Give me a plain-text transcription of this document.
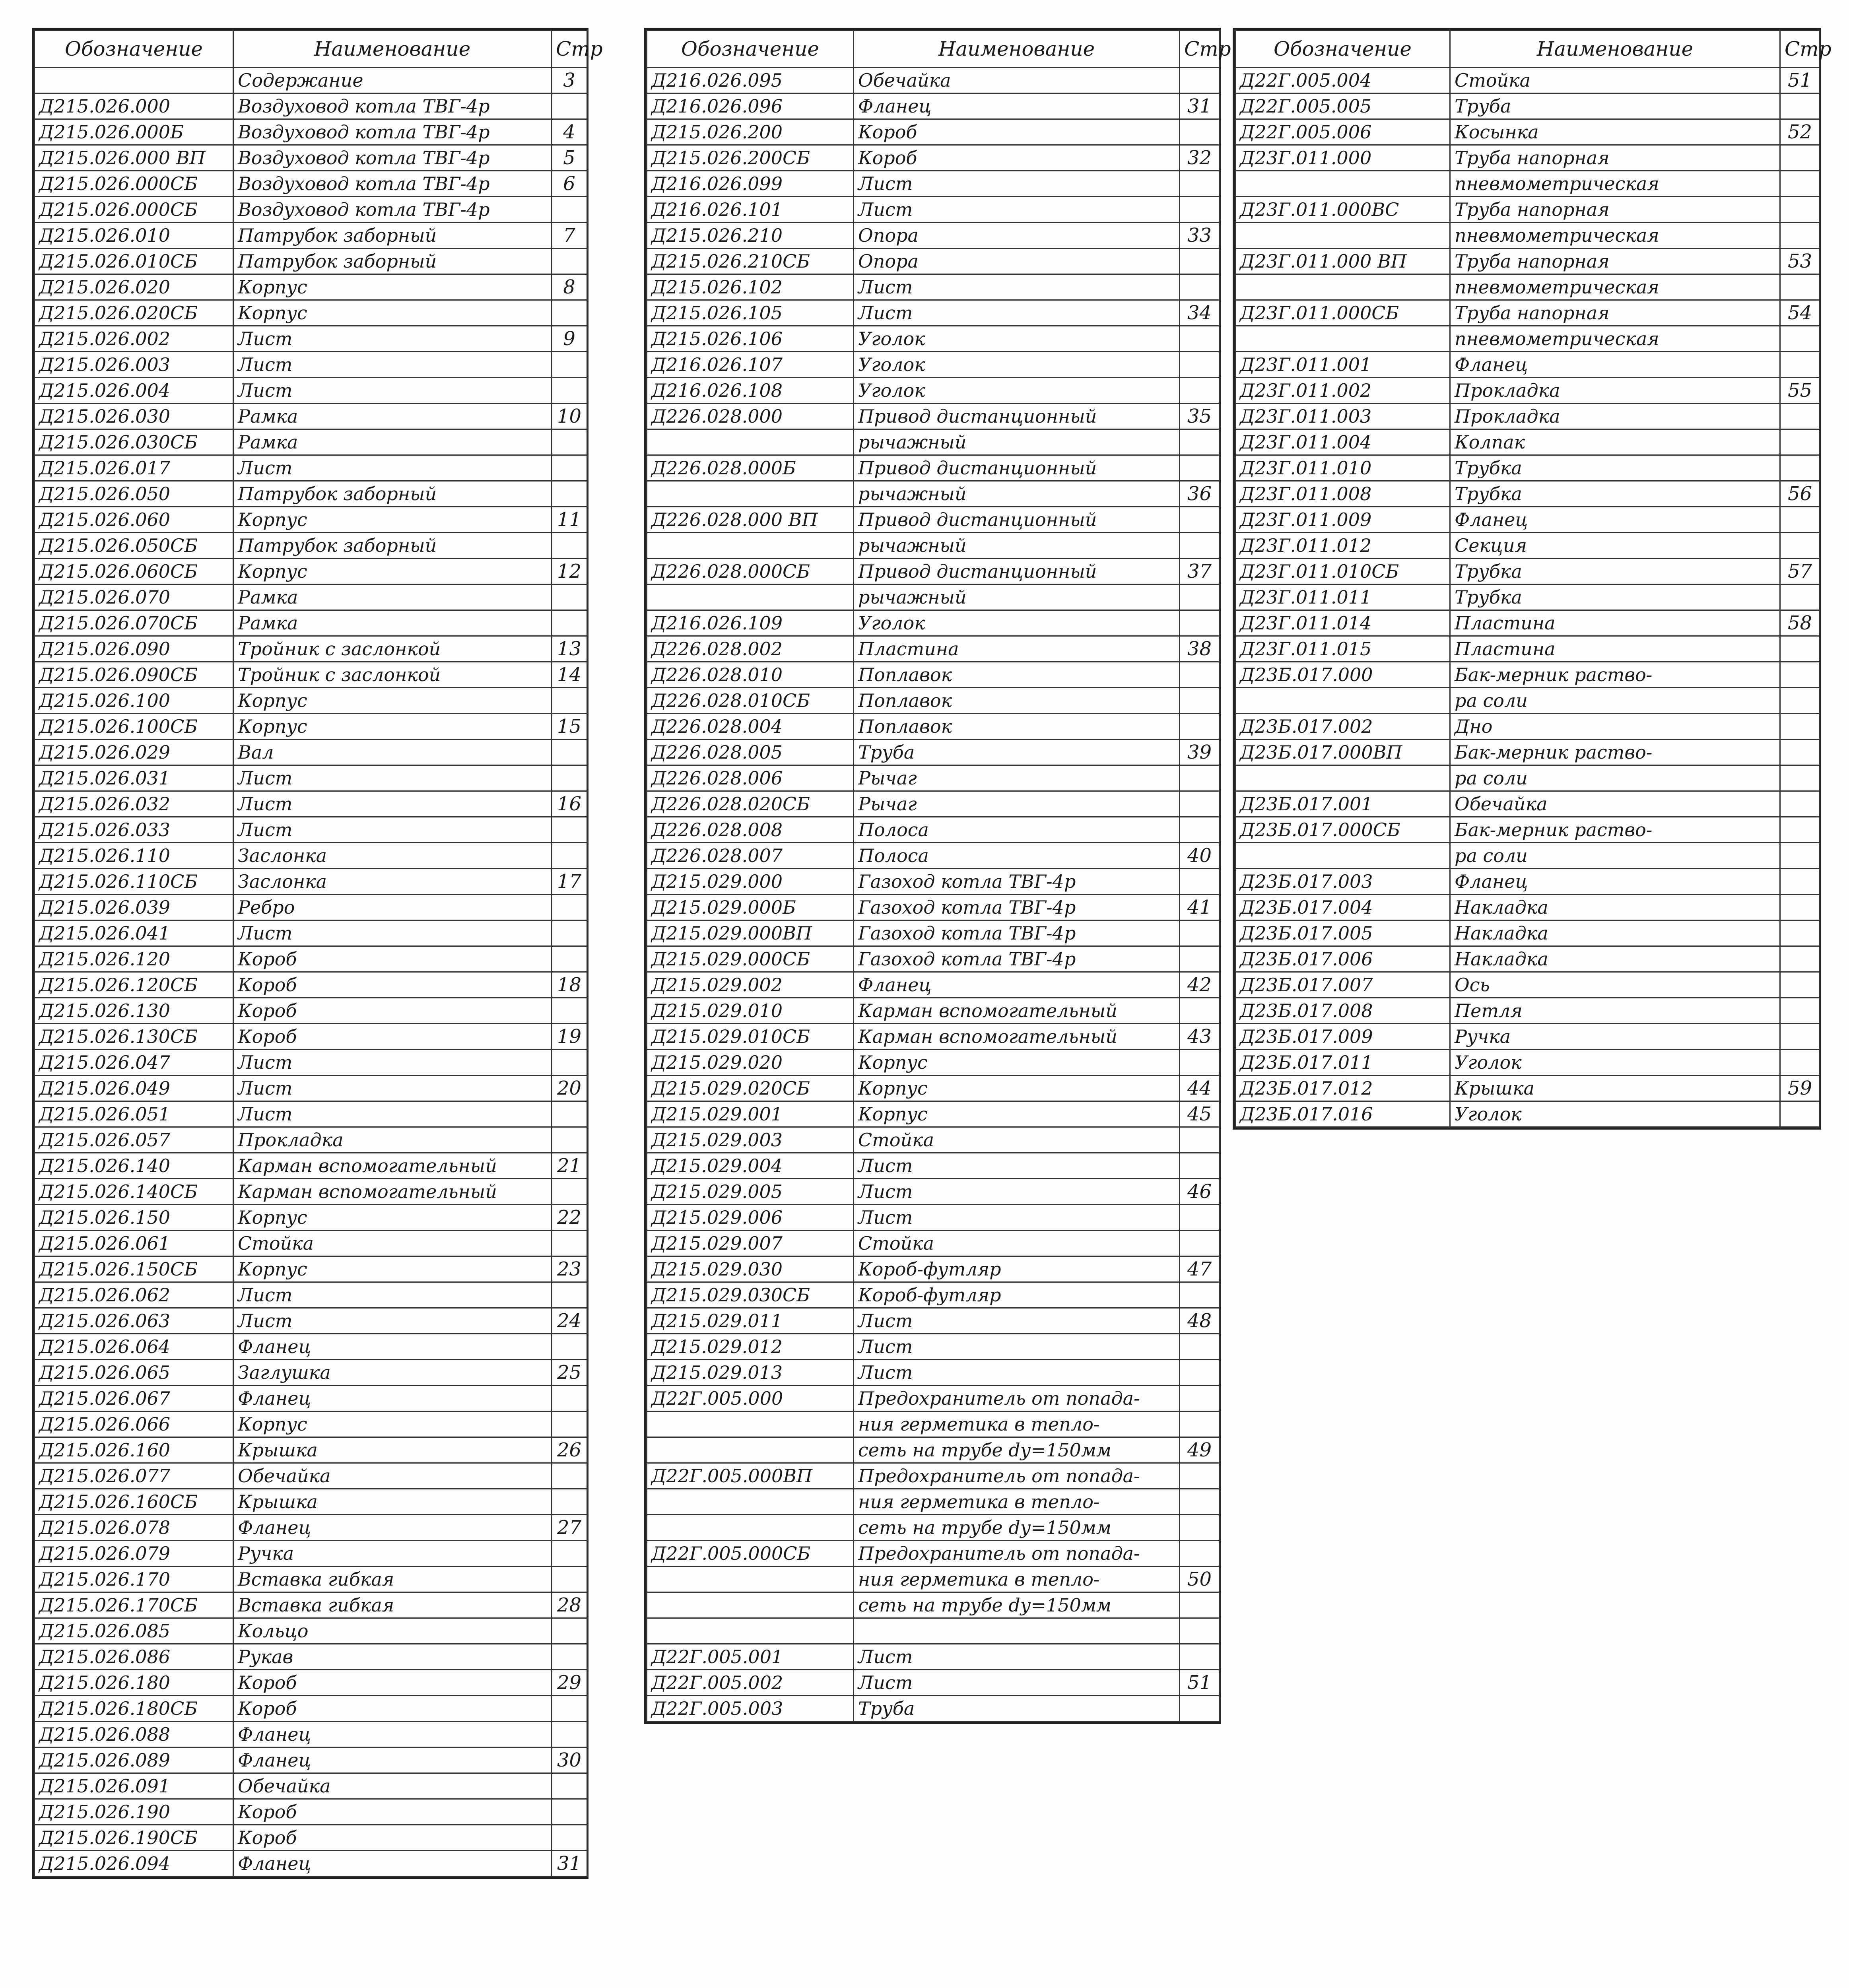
Обозначение	Наименование	Стр
	Содержание	3
Д215.026.000	Воздуховод котла ТВГ-4р	
Д215.026.000Б	Воздуховод котла ТВГ-4р	4
Д215.026.000 ВП	Воздуховод котла ТВГ-4р	5
Д215.026.000СБ	Воздуховод котла ТВГ-4р	6
Д215.026.000СБ	Воздуховод котла ТВГ-4р	
Д215.026.010	Патрубок заборный	7
Д215.026.010СБ	Патрубок заборный	
Д215.026.020	Корпус	8
Д215.026.020СБ	Корпус	
Д215.026.002	Лист	9
Д215.026.003	Лист	
Д215.026.004	Лист	
Д215.026.030	Рамка	10
Д215.026.030СБ	Рамка	
Д215.026.017	Лист	
Д215.026.050	Патрубок заборный	
Д215.026.060	Корпус	11
Д215.026.050СБ	Патрубок заборный	
Д215.026.060СБ	Корпус	12
Д215.026.070	Рамка	
Д215.026.070СБ	Рамка	
Д215.026.090	Тройник с заслонкой	13
Д215.026.090СБ	Тройник с заслонкой	14
Д215.026.100	Корпус	
Д215.026.100СБ	Корпус	15
Д215.026.029	Вал	
Д215.026.031	Лист	
Д215.026.032	Лист	16
Д215.026.033	Лист	
Д215.026.110	Заслонка	
Д215.026.110СБ	Заслонка	17
Д215.026.039	Ребро	
Д215.026.041	Лист	
Д215.026.120	Короб	
Д215.026.120СБ	Короб	18
Д215.026.130	Короб	
Д215.026.130СБ	Короб	19
Д215.026.047	Лист	
Д215.026.049	Лист	20
Д215.026.051	Лист	
Д215.026.057	Прокладка	
Д215.026.140	Карман вспомогательный	21
Д215.026.140СБ	Карман вспомогательный	
Д215.026.150	Корпус	22
Д215.026.061	Стойка	
Д215.026.150СБ	Корпус	23
Д215.026.062	Лист	
Д215.026.063	Лист	24
Д215.026.064	Фланец	
Д215.026.065	Заглушка	25
Д215.026.067	Фланец	
Д215.026.066	Корпус	
Д215.026.160	Крышка	26
Д215.026.077	Обечайка	
Д215.026.160СБ	Крышка	
Д215.026.078	Фланец	27
Д215.026.079	Ручка	
Д215.026.170	Вставка гибкая	
Д215.026.170СБ	Вставка гибкая	28
Д215.026.085	Кольцо	
Д215.026.086	Рукав	
Д215.026.180	Короб	29
Д215.026.180СБ	Короб	
Д215.026.088	Фланец	
Д215.026.089	Фланец	30
Д215.026.091	Обечайка	
Д215.026.190	Короб	
Д215.026.190СБ	Короб	
Д215.026.094	Фланец	31
Обозначение	Наименование	Стр
Д216.026.095	Обечайка	
Д216.026.096	Фланец	31
Д215.026.200	Короб	
Д215.026.200СБ	Короб	32
Д216.026.099	Лист	
Д216.026.101	Лист	
Д215.026.210	Опора	33
Д215.026.210СБ	Опора	
Д215.026.102	Лист	
Д215.026.105	Лист	34
Д215.026.106	Уголок	
Д216.026.107	Уголок	
Д216.026.108	Уголок	
Д226.028.000	Привод дистанционный	35
	рычажный	
Д226.028.000Б	Привод дистанционный	
	рычажный	36
Д226.028.000 ВП	Привод дистанционный	
	рычажный	
Д226.028.000СБ	Привод дистанционный	37
	рычажный	
Д216.026.109	Уголок	
Д226.028.002	Пластина	38
Д226.028.010	Поплавок	
Д226.028.010СБ	Поплавок	
Д226.028.004	Поплавок	
Д226.028.005	Труба	39
Д226.028.006	Рычаг	
Д226.028.020СБ	Рычаг	
Д226.028.008	Полоса	
Д226.028.007	Полоса	40
Д215.029.000	Газоход котла ТВГ-4р	
Д215.029.000Б	Газоход котла ТВГ-4р	41
Д215.029.000ВП	Газоход котла ТВГ-4р	
Д215.029.000СБ	Газоход котла ТВГ-4р	
Д215.029.002	Фланец	42
Д215.029.010	Карман вспомогательный	
Д215.029.010СБ	Карман вспомогательный	43
Д215.029.020	Корпус	
Д215.029.020СБ	Корпус	44
Д215.029.001	Корпус	45
Д215.029.003	Стойка	
Д215.029.004	Лист	
Д215.029.005	Лист	46
Д215.029.006	Лист	
Д215.029.007	Стойка	
Д215.029.030	Короб-футляр	47
Д215.029.030СБ	Короб-футляр	
Д215.029.011	Лист	48
Д215.029.012	Лист	
Д215.029.013	Лист	
Д22Г.005.000	Предохранитель от попада-	
	ния герметика в тепло-	
	сеть на трубе dу=150мм	49
Д22Г.005.000ВП	Предохранитель от попада-	
	ния герметика в тепло-	
	сеть на трубе dу=150мм	
Д22Г.005.000СБ	Предохранитель от попада-	
	ния герметика в тепло-	50
	сеть на трубе dу=150мм	

Д22Г.005.001	Лист	
Д22Г.005.002	Лист	51
Д22Г.005.003	Труба	
Обозначение	Наименование	Стр
Д22Г.005.004	Стойка	51
Д22Г.005.005	Труба	
Д22Г.005.006	Косынка	52
Д23Г.011.000	Труба напорная	
	пневмометрическая	
Д23Г.011.000ВС	Труба напорная	
	пневмометрическая	
Д23Г.011.000 ВП	Труба напорная	53
	пневмометрическая	
Д23Г.011.000СБ	Труба напорная	54
	пневмометрическая	
Д23Г.011.001	Фланец	
Д23Г.011.002	Прокладка	55
Д23Г.011.003	Прокладка	
Д23Г.011.004	Колпак	
Д23Г.011.010	Трубка	
Д23Г.011.008	Трубка	56
Д23Г.011.009	Фланец	
Д23Г.011.012	Секция	
Д23Г.011.010СБ	Трубка	57
Д23Г.011.011	Трубка	
Д23Г.011.014	Пластина	58
Д23Г.011.015	Пластина	
Д23Б.017.000	Бак-мерник раство-	
	ра соли	
Д23Б.017.002	Дно	
Д23Б.017.000ВП	Бак-мерник раство-	
	ра соли	
Д23Б.017.001	Обечайка	
Д23Б.017.000СБ	Бак-мерник раство-	
	ра соли	
Д23Б.017.003	Фланец	
Д23Б.017.004	Накладка	
Д23Б.017.005	Накладка	
Д23Б.017.006	Накладка	
Д23Б.017.007	Ось	
Д23Б.017.008	Петля	
Д23Б.017.009	Ручка	
Д23Б.017.011	Уголок	
Д23Б.017.012	Крышка	59
Д23Б.017.016	Уголок	
